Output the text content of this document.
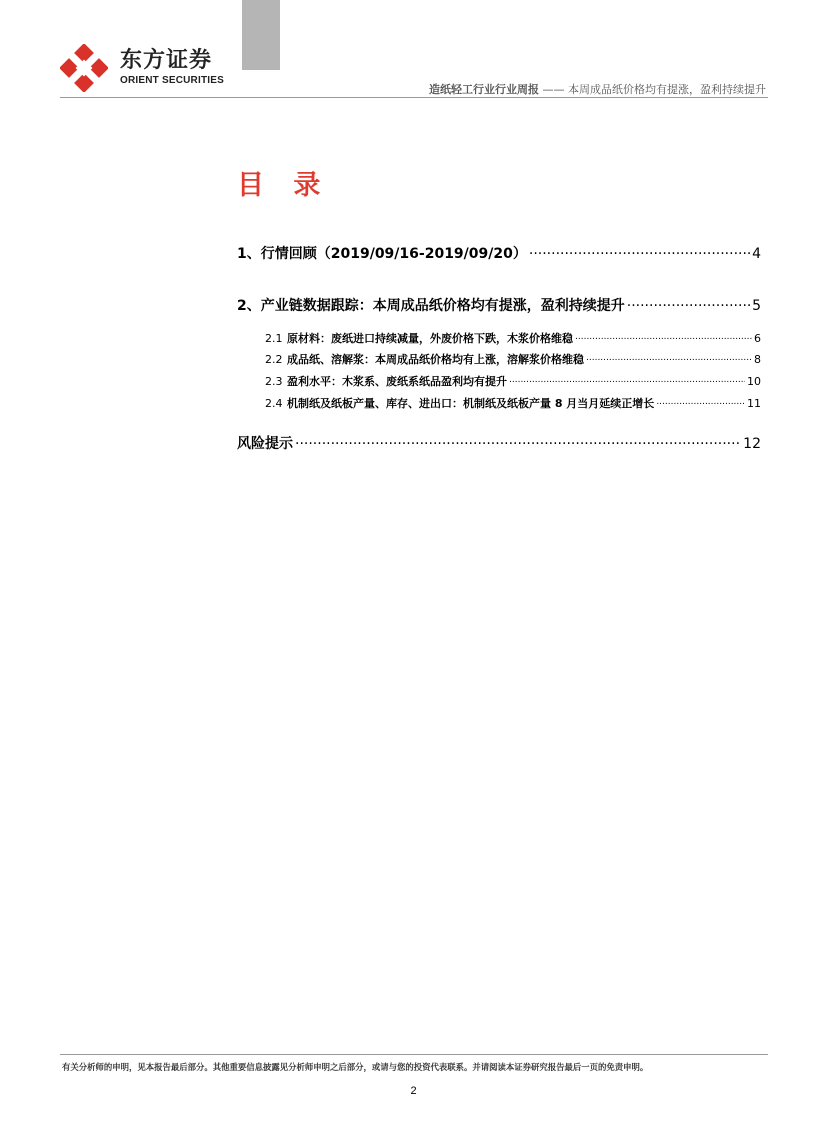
东方证券
ORIENT SECURITIES
造纸轻工行业行业周报 —— 本周成品纸价格均有提涨，盈利持续提升
目 录
1、行情回顾（2019/09/16-2019/09/20） .....	4
2、产业链数据跟踪：本周成品纸价格均有提涨，盈利持续提升 .....	5
2.1 原材料：废纸进口持续减量，外废价格下跌，木浆价格维稳 .....	6
2.2 成品纸、溶解浆：本周成品纸价格均有上涨，溶解浆价格维稳 .....	8
2.3 盈利水平：木浆系、废纸系纸品盈利均有提升 .....	10
2.4 机制纸及纸板产量、库存、进出口：机制纸及纸板产量 8 月当月延续正增长 .....	11
风险提示 .....	12
有关分析师的申明，见本报告最后部分。其他重要信息披露见分析师申明之后部分，或请与您的投资代表联系。并请阅读本证券研究报告最后一页的免责申明。
2
